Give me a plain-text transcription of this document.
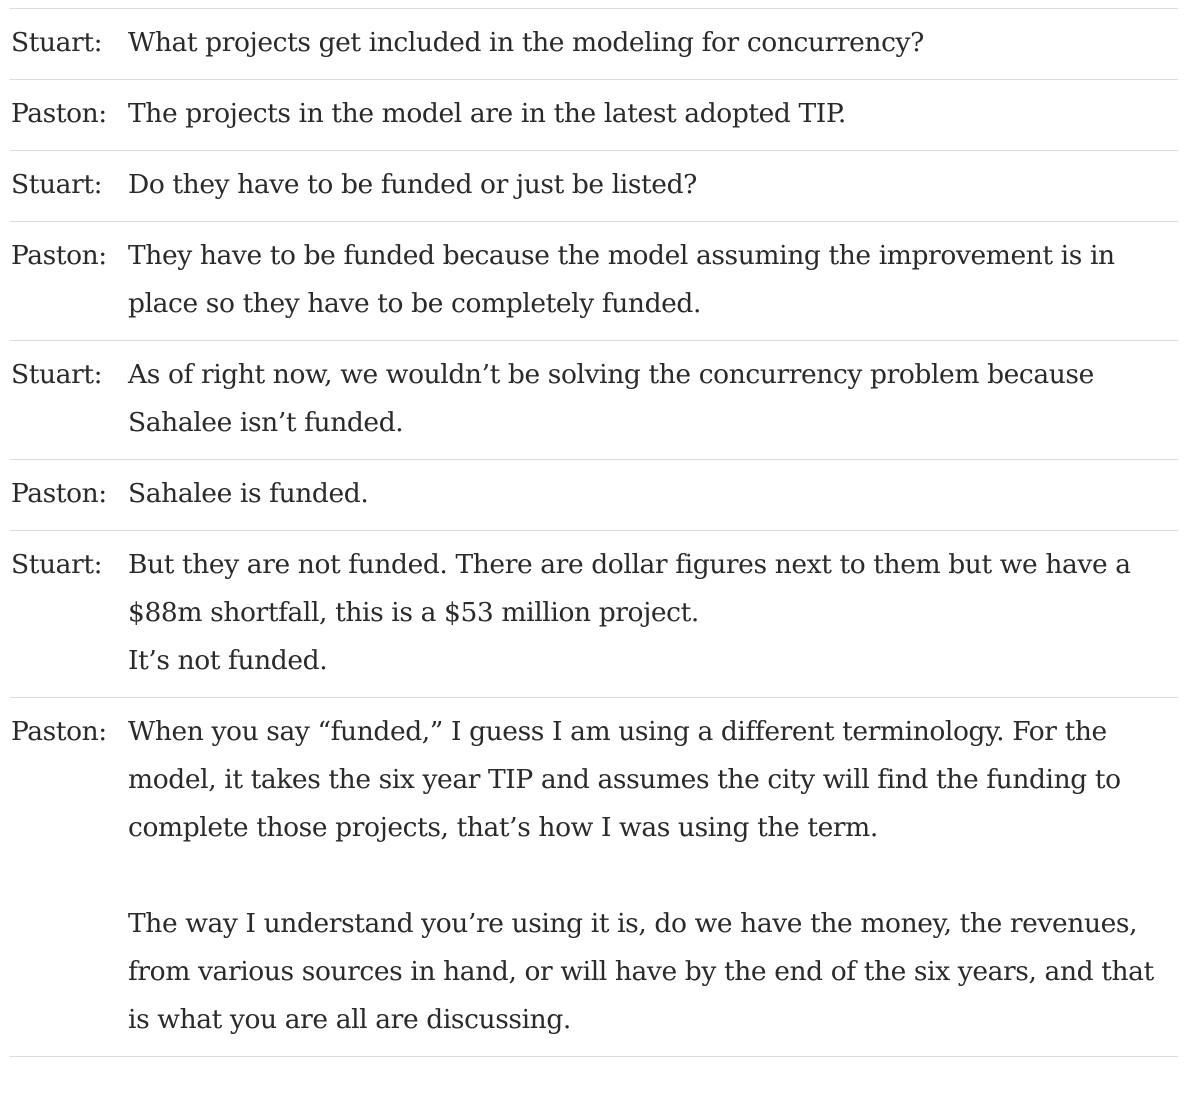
Stuart: What projects get included in the modeling for concurrency?

Paston: The projects in the model are in the latest adopted TIP.

Stuart: Do they have to be funded or just be listed?

Paston: They have to be funded because the model assuming the improvement is in place so they have to be completely funded.

Stuart: As of right now, we wouldn’t be solving the concurrency problem because Sahalee isn’t funded.

Paston: Sahalee is funded.

Stuart: But they are not funded. There are dollar figures next to them but we have a $88m shortfall, this is a $53 million project.

It’s not funded.

Paston: When you say “funded,” I guess I am using a different terminology. For the model, it takes the six year TIP and assumes the city will find the funding to complete those projects, that’s how I was using the term.

The way I understand you’re using it is, do we have the money, the revenues, from various sources in hand, or will have by the end of the six years, and that is what you are all are discussing.
